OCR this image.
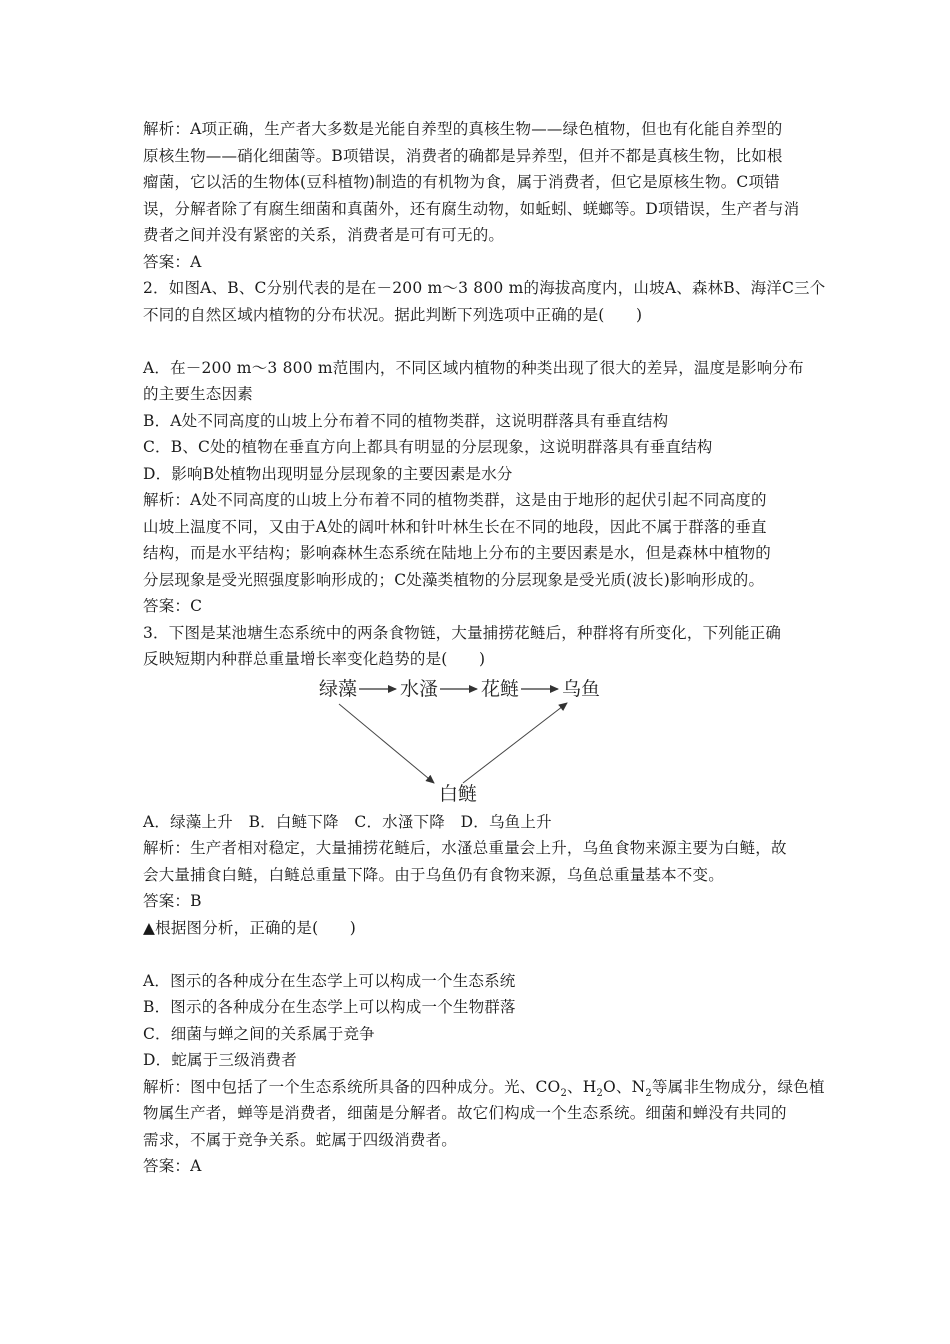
解析：A项正确，生产者大多数是光能自养型的真核生物——绿色植物，但也有化能自养型的
原核生物——硝化细菌等。B项错误，消费者的确都是异养型，但并不都是真核生物，比如根
瘤菌，它以活的生物体(豆科植物)制造的有机物为食，属于消费者，但它是原核生物。C项错
误，分解者除了有腐生细菌和真菌外，还有腐生动物，如蚯蚓、蜣螂等。D项错误，生产者与消
费者之间并没有紧密的关系，消费者是可有可无的。
答案：A
2．如图A、B、C分别代表的是在－200 m～3 800 m的海拔高度内，山坡A、森林B、海洋C三个
不同的自然区域内植物的分布状况。据此判断下列选项中正确的是(　　)
A．在－200 m～3 800 m范围内，不同区域内植物的种类出现了很大的差异，温度是影响分布
的主要生态因素
B．A处不同高度的山坡上分布着不同的植物类群，这说明群落具有垂直结构
C．B、C处的植物在垂直方向上都具有明显的分层现象，这说明群落具有垂直结构
D．影响B处植物出现明显分层现象的主要因素是水分
解析：A处不同高度的山坡上分布着不同的植物类群，这是由于地形的起伏引起不同高度的
山坡上温度不同，又由于A处的阔叶林和针叶林生长在不同的地段，因此不属于群落的垂直
结构，而是水平结构；影响森林生态系统在陆地上分布的主要因素是水，但是森林中植物的
分层现象是受光照强度影响形成的；C处藻类植物的分层现象是受光质(波长)影响形成的。
答案：C
3．下图是某池塘生态系统中的两条食物链，大量捕捞花鲢后，种群将有所变化，下列能正确
反映短期内种群总重量增长率变化趋势的是(　　)
绿藻 水溞 花鲢 乌鱼
白鲢
A．绿藻上升　B．白鲢下降　C．水溞下降　D．乌鱼上升
解析：生产者相对稳定，大量捕捞花鲢后，水溞总重量会上升，乌鱼食物来源主要为白鲢，故
会大量捕食白鲢，白鲢总重量下降。由于乌鱼仍有食物来源，乌鱼总重量基本不变。
答案：B
▲根据图分析，正确的是(　　)
A．图示的各种成分在生态学上可以构成一个生态系统
B．图示的各种成分在生态学上可以构成一个生物群落
C．细菌与蝉之间的关系属于竞争
D．蛇属于三级消费者
解析：图中包括了一个生态系统所具备的四种成分。光、$CO_2$、$H_2O$、$N_2$等属非生物成分，绿色植
物属生产者，蝉等是消费者，细菌是分解者。故它们构成一个生态系统。细菌和蝉没有共同的
需求，不属于竞争关系。蛇属于四级消费者。
答案：A
